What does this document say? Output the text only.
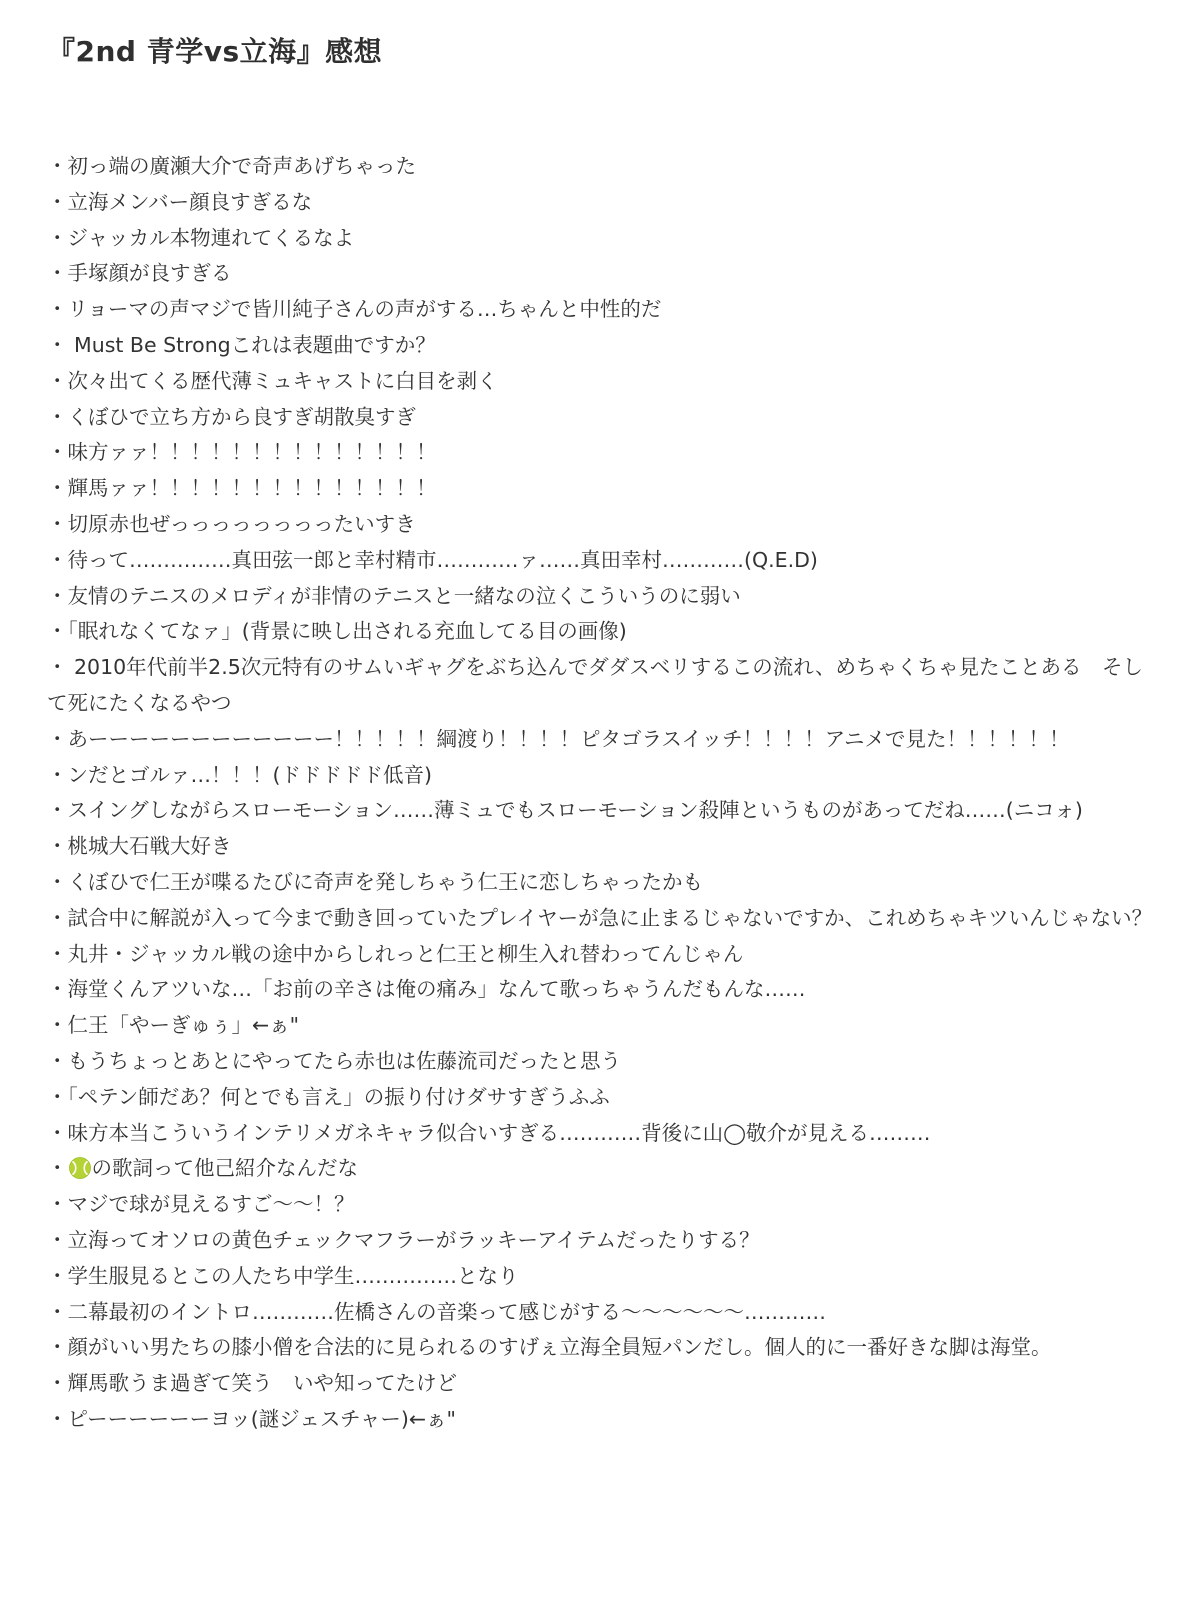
『2nd 青学vs立海』感想
・初っ端の廣瀬大介で奇声あげちゃった
・立海メンバー顔良すぎるな
・ジャッカル本物連れてくるなよ
・手塚顔が良すぎる
・リョーマの声マジで皆川純子さんの声がする…ちゃんと中性的だ
・ Must Be Strongこれは表題曲ですか？
・次々出てくる歴代薄ミュキャストに白目を剥く
・くぼひで立ち方から良すぎ胡散臭すぎ
・味方ァァ！！！！！！！！！！！！！！
・輝馬ァァ！！！！！！！！！！！！！！
・切原赤也ぜっっっっっっっったいすき
・待って……………真田弦一郎と幸村精市…………ァ……真田幸村…………(Q.E.D)
・友情のテニスのメロディが非情のテニスと一緒なの泣くこういうのに弱い
・「眠れなくてなァ」(背景に映し出される充血してる目の画像)
・ 2010年代前半2.5次元特有のサムいギャグをぶち込んでダダスベリするこの流れ、めちゃくちゃ見たことある　そして死にたくなるやつ
・あーーーーーーーーーーーー！！！！！綱渡り！！！！ピタゴラスイッチ！！！！アニメで見た！！！！！！
・ンだとゴルァ…！！！(ドドドドド低音)
・スイングしながらスローモーション……薄ミュでもスローモーション殺陣というものがあってだね……(ニコォ)
・桃城大石戦大好き
・くぼひで仁王が喋るたびに奇声を発しちゃう仁王に恋しちゃったかも
・試合中に解説が入って今まで動き回っていたプレイヤーが急に止まるじゃないですか、これめちゃキツいんじゃない？
・丸井・ジャッカル戦の途中からしれっと仁王と柳生入れ替わってんじゃん
・海堂くんアツいな…「お前の辛さは俺の痛み」なんて歌っちゃうんだもんな……
・仁王「やーぎゅぅ」←ぁ"
・もうちょっとあとにやってたら赤也は佐藤流司だったと思う
・「ペテン師だあ？何とでも言え」の振り付けダサすぎうふふ
・味方本当こういうインテリメガネキャラ似合いすぎる…………背後に山◯敬介が見える………
・ の歌詞って他己紹介なんだな
・マジで球が見えるすご〜〜！？
・立海ってオソロの黄色チェックマフラーがラッキーアイテムだったりする？
・学生服見るとこの人たち中学生……………となり
・二幕最初のイントロ…………佐橋さんの音楽って感じがする〜〜〜〜〜〜…………
・顔がいい男たちの膝小僧を合法的に見られるのすげぇ立海全員短パンだし。個人的に一番好きな脚は海堂。
・輝馬歌うま過ぎて笑う　いや知ってたけど
・ピーーーーーーヨッ(謎ジェスチャー)←ぁ"
